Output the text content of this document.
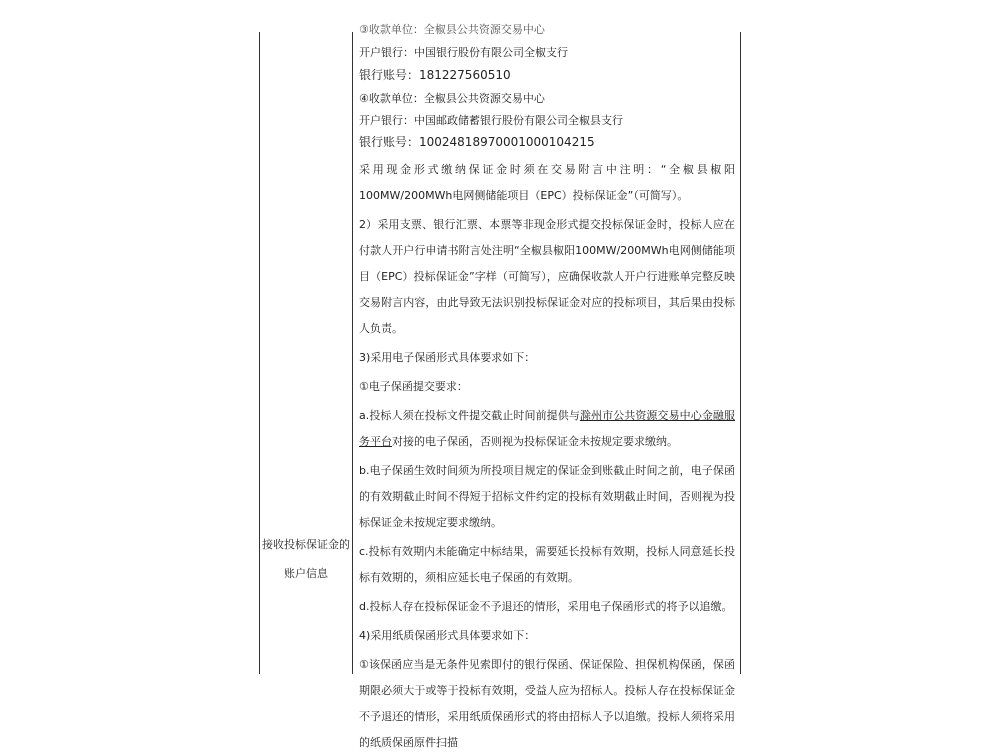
接收投标保证金的
账户信息
③收款单位：全椒县公共资源交易中心
开户银行：中国银行股份有限公司全椒支行
银行账号：181227560510
④收款单位：全椒县公共资源交易中心
开户银行：中国邮政储蓄银行股份有限公司全椒县支行
银行账号：10024818970001000104215
采用现金形式缴纳保证金时须在交易附言中注明：“全椒县椒阳100MW/200MWh电网侧储能项目（EPC）投标保证金”（可简写）。
2）采用支票、银行汇票、本票等非现金形式提交投标保证金时，投标人应在付款人开户行申请书附言处注明“全椒县椒阳100MW/200MWh电网侧储能项目（EPC）投标保证金”字样（可简写），应确保收款人开户行进账单完整反映交易附言内容，由此导致无法识别投标保证金对应的投标项目，其后果由投标人负责。
3)采用电子保函形式具体要求如下：
①电子保函提交要求：
a.投标人须在投标文件提交截止时间前提供与滁州市公共资源交易中心金融服务平台对接的电子保函，否则视为投标保证金未按规定要求缴纳。
b.电子保函生效时间须为所投项目规定的保证金到账截止时间之前，电子保函的有效期截止时间不得短于招标文件约定的投标有效期截止时间，否则视为投标保证金未按规定要求缴纳。
c.投标有效期内未能确定中标结果，需要延长投标有效期，投标人同意延长投标有效期的，须相应延长电子保函的有效期。
d.投标人存在投标保证金不予退还的情形，采用电子保函形式的将予以追缴。
4)采用纸质保函形式具体要求如下：
①该保函应当是无条件见索即付的银行保函、保证保险、担保机构保函，保函期限必须大于或等于投标有效期，受益人应为招标人。投标人存在投标保证金不予退还的情形，采用纸质保函形式的将由招标人予以追缴。投标人须将采用的纸质保函原件扫描
